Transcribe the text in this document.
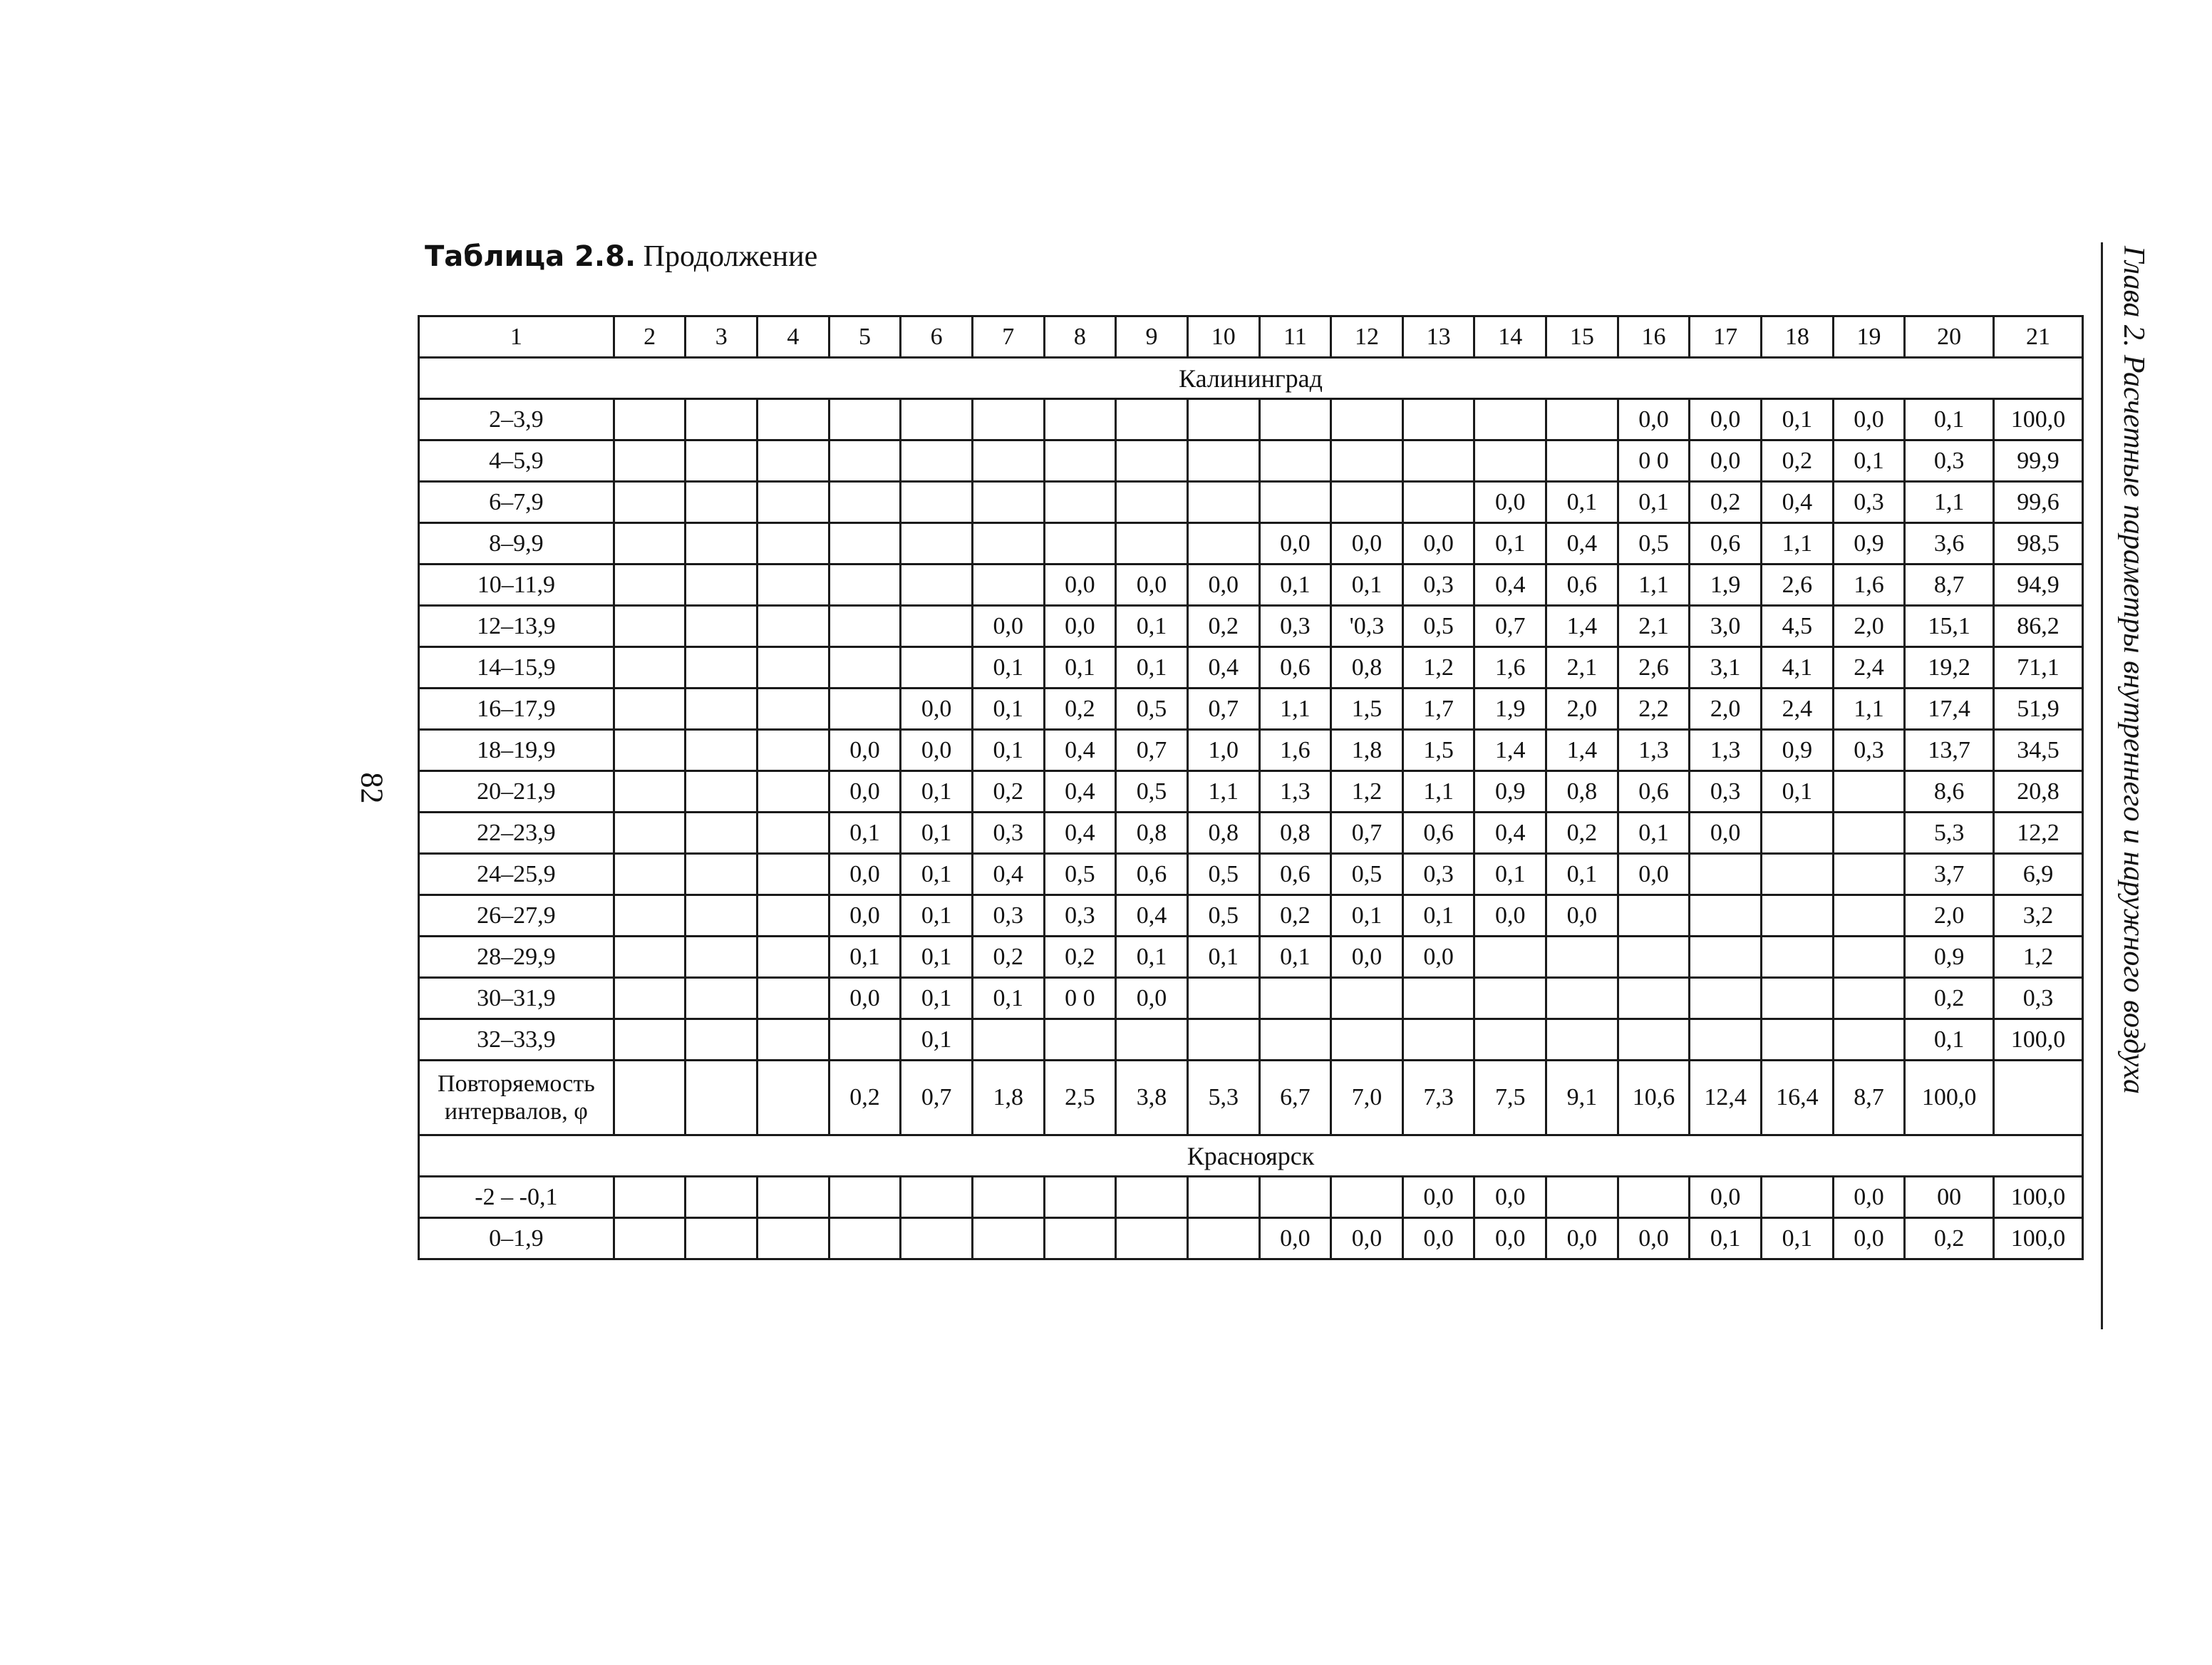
Таблица 2.8. Продолжение
82	Глава 2. Расчетные параметры внутреннего и наружного воздуха
1	2	3	4	5	6	7	8	9	10	11	12	13	14	15	16	17	18	19	20	21
Калининград																				
2–3,9															0,0	0,0	0,1	0,0	0,1	100,0
4–5,9															0 0	0,0	0,2	0,1	0,3	99,9
6–7,9													0,0	0,1	0,1	0,2	0,4	0,3	1,1	99,6
8–9,9										0,0	0,0	0,0	0,1	0,4	0,5	0,6	1,1	0,9	3,6	98,5
10–11,9							0,0	0,0	0,0	0,1	0,1	0,3	0,4	0,6	1,1	1,9	2,6	1,6	8,7	94,9
12–13,9						0,0	0,0	0,1	0,2	0,3	'0,3	0,5	0,7	1,4	2,1	3,0	4,5	2,0	15,1	86,2
14–15,9						0,1	0,1	0,1	0,4	0,6	0,8	1,2	1,6	2,1	2,6	3,1	4,1	2,4	19,2	71,1
16–17,9					0,0	0,1	0,2	0,5	0,7	1,1	1,5	1,7	1,9	2,0	2,2	2,0	2,4	1,1	17,4	51,9
18–19,9				0,0	0,0	0,1	0,4	0,7	1,0	1,6	1,8	1,5	1,4	1,4	1,3	1,3	0,9	0,3	13,7	34,5
20–21,9				0,0	0,1	0,2	0,4	0,5	1,1	1,3	1,2	1,1	0,9	0,8	0,6	0,3	0,1		8,6	20,8
22–23,9				0,1	0,1	0,3	0,4	0,8	0,8	0,8	0,7	0,6	0,4	0,2	0,1	0,0			5,3	12,2
24–25,9				0,0	0,1	0,4	0,5	0,6	0,5	0,6	0,5	0,3	0,1	0,1	0,0				3,7	6,9
26–27,9				0,0	0,1	0,3	0,3	0,4	0,5	0,2	0,1	0,1	0,0	0,0					2,0	3,2
28–29,9				0,1	0,1	0,2	0,2	0,1	0,1	0,1	0,0	0,0							0,9	1,2
30–31,9				0,0	0,1	0,1	0 0	0,0											0,2	0,3
32–33,9					0,1														0,1	100,0
Повторяемость интервалов, φ				0,2	0,7	1,8	2,5	3,8	5,3	6,7	7,0	7,3	7,5	9,1	10,6	12,4	16,4	8,7	100,0	
Красноярск																				
-2 – -0,1												0,0	0,0			0,0		0,0	00	100,0
0–1,9										0,0	0,0	0,0	0,0	0,0	0,0	0,1	0,1	0,0	0,2	100,0
